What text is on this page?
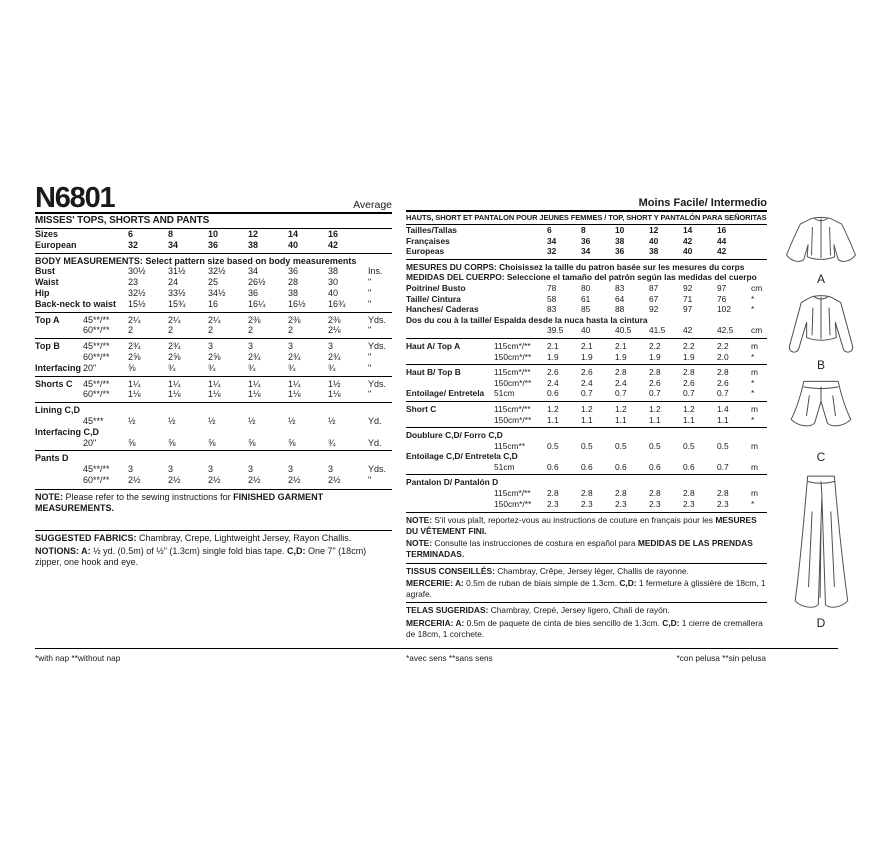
N6801	Average
MISSES' TOPS, SHORTS AND PANTS
Sizes	6	8	10	12	14	16
European	32	34	36	38	40	42
BODY MEASUREMENTS: Select pattern size based on body measurements
Bust	30½	31½	32½	34	36	38	Ins.
Waist	23	24	25	26½	28	30	"
Hip	32½	33½	34½	36	38	40	"
Back-neck to waist	15½	15¾	16	16¼	16½	16¾	"
Top A	45**/**	2¼	2¼	2¼	2⅜	2⅜	2⅜	Yds.
60**/**	2	2	2	2	2	2⅛	"
Top B	45**/**	2¾	2¾	3	3	3	3	Yds.
60**/**	2⅝	2⅝	2⅝	2¾	2¾	2¾	"
Interfacing 20"	⅝	¾	¾	¾	¾	¾	"
Shorts C	45**/**	1¼	1¼	1¼	1¼	1¼	1½	Yds.
60**/**	1⅛	1⅛	1⅛	1⅛	1⅛	1⅛	"
Lining C,D
45***	½	½	½	½	½	½	Yd.
Interfacing C,D
20"	⅝	⅝	⅝	⅝	⅝	¾	Yd.
Pants D
45**/**	3	3	3	3	3	3	Yds.
60**/**	2½	2½	2½	2½	2½	2½	"
NOTE: Please refer to the sewing instructions for FINISHED GARMENT MEASUREMENTS.
SUGGESTED FABRICS: Chambray, Crepe, Lightweight Jersey, Rayon Challis.
NOTIONS: A: ½ yd. (0.5m) of ½" (1.3cm) single fold bias tape. C,D: One 7" (18cm) zipper, one hook and eye.
Moins Facile/ Intermedio
HAUTS, SHORT ET PANTALON POUR JEUNES FEMMES / TOP, SHORT Y PANTALÓN PARA SEÑORITAS
Tailles/Tallas	6	8	10	12	14	16
Françaises	34	36	38	40	42	44
Europeas	32	34	36	38	40	42
MESURES DU CORPS: Choisissez la taille du patron basée sur les mesures du corps
MEDIDAS DEL CUERPO: Seleccione el tamaño del patrón según las medidas del cuerpo
Poitrine/ Busto	78	80	83	87	92	97	cm
Taille/ Cintura	58	61	64	67	71	76	*
Hanches/ Caderas	83	85	88	92	97	102	*
Dos du cou à la taille/ Espalda desde la nuca hasta la cintura
39.5	40	40.5	41.5	42	42.5	cm
Haut A/ Top A	115cm*/**	2.1	2.1	2.1	2.2	2.2	2.2	m
150cm*/**	1.9	1.9	1.9	1.9	1.9	2.0	*
Haut B/ Top B	115cm*/**	2.6	2.6	2.8	2.8	2.8	2.8	m
150cm*/**	2.4	2.4	2.4	2.6	2.6	2.6	*
Entoilage/ Entretela	51cm	0.6	0.7	0.7	0.7	0.7	0.7	*
Short C	115cm*/**	1.2	1.2	1.2	1.2	1.2	1.4	m
150cm*/**	1.1	1.1	1.1	1.1	1.1	1.1	*
Doublure C,D/ Forro C,D
115cm**	0.5	0.5	0.5	0.5	0.5	0.5	m
Entoilage C,D/ Entretela C,D
51cm	0.6	0.6	0.6	0.6	0.6	0.7	m
Pantalon D/ Pantalón D
115cm*/**	2.8	2.8	2.8	2.8	2.8	2.8	m
150cm*/**	2.3	2.3	2.3	2.3	2.3	2.3	*
NOTE: S'il vous plaît, reportez-vous au instructions de couture en français pour les MESURES DU VÊTEMENT FINI.
NOTE: Consulte las instrucciones de costura en español para MEDIDAS DE LAS PRENDAS TERMINADAS.
TISSUS CONSEILLÉS: Chambray, Crêpe, Jersey léger, Challis de rayonne.
MERCERIE: A: 0.5m de ruban de biais simple de 1.3cm. C,D: 1 fermeture à glissière de 18cm, 1 agrafe.
TELAS SUGERIDAS: Chambray, Crepé, Jersey ligero, Chalí de rayón.
MERCERIA: A: 0.5m de paquete de cinta de bies sencillo de 1.3cm. C,D: 1 cierre de cremallera de 18cm, 1 corchete.
A
B
C
D
*with nap **without nap	*avec sens **sans sens	*con pelusa **sin pelusa
